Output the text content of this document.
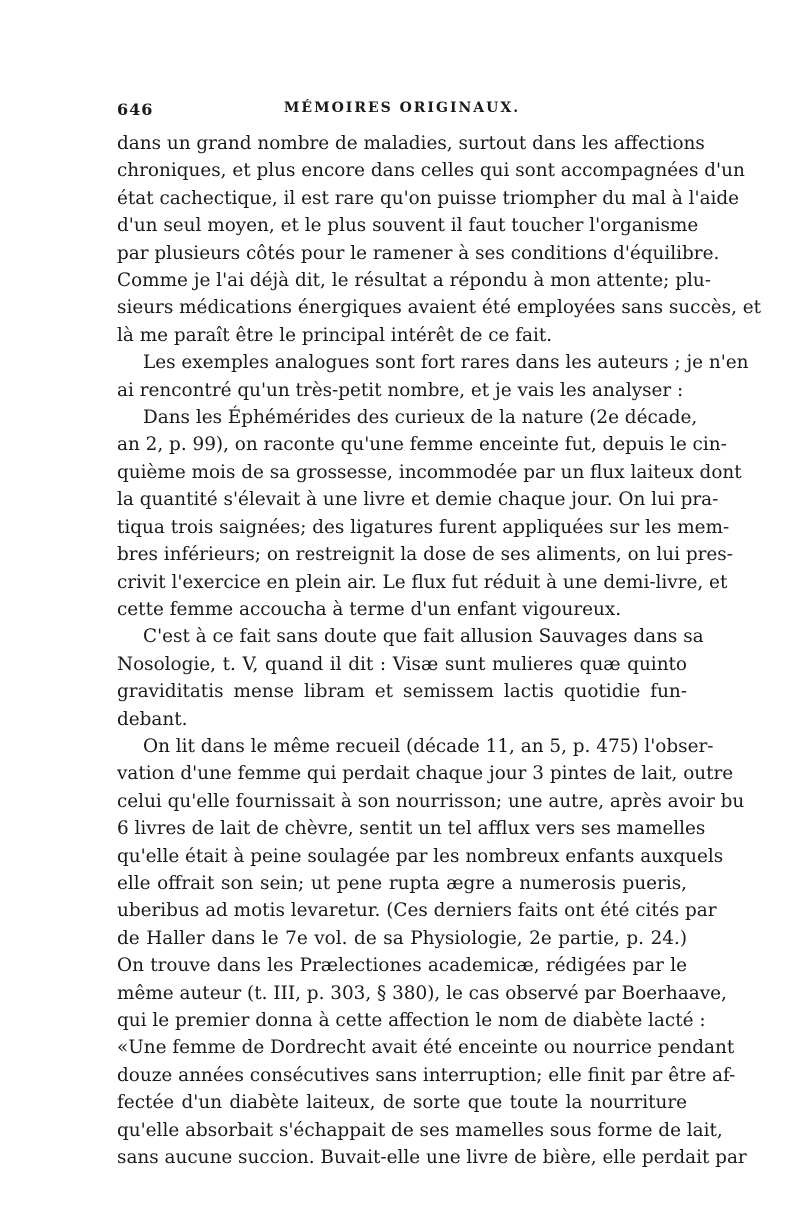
646	MÉMOIRES ORIGINAUX.
dans un grand nombre de maladies, surtout dans les affections
chroniques, et plus encore dans celles qui sont accompagnées d'un
état cachectique, il est rare qu'on puisse triompher du mal à l'aide
d'un seul moyen, et le plus souvent il faut toucher l'organisme
par plusieurs côtés pour le ramener à ses conditions d'équilibre.
Comme je l'ai déjà dit, le résultat a répondu à mon attente; plu-
sieurs médications énergiques avaient été employées sans succès, et
là me paraît être le principal intérêt de ce fait.
Les exemples analogues sont fort rares dans les auteurs ; je n'en
ai rencontré qu'un très-petit nombre, et je vais les analyser :
Dans les Éphémérides des curieux de la nature (2e décade,
an 2, p. 99), on raconte qu'une femme enceinte fut, depuis le cin-
quième mois de sa grossesse, incommodée par un flux laiteux dont
la quantité s'élevait à une livre et demie chaque jour. On lui pra-
tiqua trois saignées; des ligatures furent appliquées sur les mem-
bres inférieurs; on restreignit la dose de ses aliments, on lui pres-
crivit l'exercice en plein air. Le flux fut réduit à une demi-livre, et
cette femme accoucha à terme d'un enfant vigoureux.
C'est à ce fait sans doute que fait allusion Sauvages dans sa
Nosologie, t. V, quand il dit : Visæ sunt mulieres quæ quinto
graviditatis mense libram et semissem lactis quotidie fun-
debant.
On lit dans le même recueil (décade 11, an 5, p. 475) l'obser-
vation d'une femme qui perdait chaque jour 3 pintes de lait, outre
celui qu'elle fournissait à son nourrisson; une autre, après avoir bu
6 livres de lait de chèvre, sentit un tel afflux vers ses mamelles
qu'elle était à peine soulagée par les nombreux enfants auxquels
elle offrait son sein; ut pene rupta ægre a numerosis pueris,
uberibus ad motis levaretur. (Ces derniers faits ont été cités par
de Haller dans le 7e vol. de sa Physiologie, 2e partie, p. 24.)
On trouve dans les Prælectiones academicæ, rédigées par le
même auteur (t. III, p. 303, § 380), le cas observé par Boerhaave,
qui le premier donna à cette affection le nom de diabète lacté :
«Une femme de Dordrecht avait été enceinte ou nourrice pendant
douze années consécutives sans interruption; elle finit par être af-
fectée d'un diabète laiteux, de sorte que toute la nourriture
qu'elle absorbait s'échappait de ses mamelles sous forme de lait,
sans aucune succion. Buvait-elle une livre de bière, elle perdait par
